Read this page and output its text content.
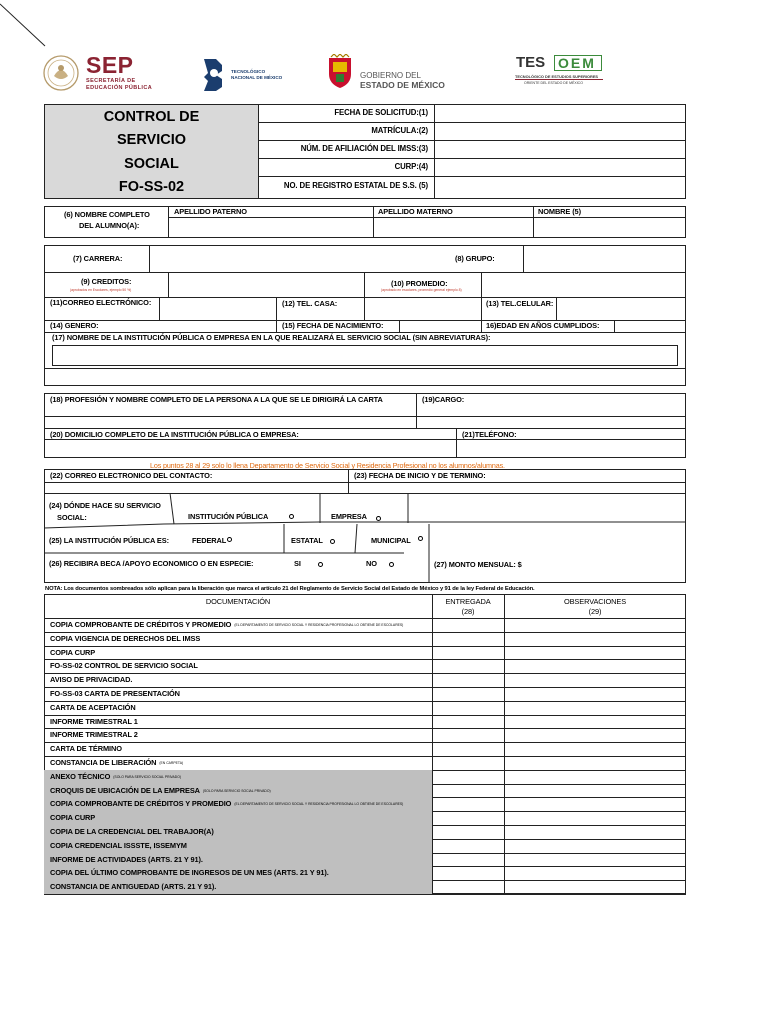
SEP
SECRETARÍA DE
EDUCACIÓN PÚBLICA
TECNOLÓGICO
NACIONAL DE MÉXICO	GOBIERNO DEL
ESTADO DE MÉXICO
TES OEM
TECNOLÓGICO DE ESTUDIOS SUPERIORES
ORIENTE DEL ESTADO DE MÉXICO
CONTROL DE
SERVICIO
SOCIAL
FO-SS-02
FECHA DE SOLICITUD:(1)
MATRÍCULA:(2)
NÚM. DE AFILIACIÓN DEL IMSS:(3)
CURP:(4)
NO. DE REGISTRO ESTATAL DE S.S. (5)
(6) NOMBRE COMPLETO
DEL ALUMNO(A):
APELLIDO PATERNO	APELLIDO MATERNO	NOMBRE (5)
(7) CARRERA:	(8) GRUPO:
(9) CREDITOS:
(aprobados en Escolares, ejemplo 50 %)
(10) PROMEDIO:
(aprobado en escolares, promedio general ejemplo 8)
(11)CORREO ELECTRÓNICO:	(12) TEL. CASA:	(13) TEL.CELULAR:
(14) GENERO:	(15) FECHA DE NACIMIENTO:	16)EDAD EN AÑOS CUMPLIDOS:
(17) NOMBRE DE LA INSTITUCIÓN PÚBLICA O EMPRESA EN LA QUE REALIZARÁ EL SERVICIO SOCIAL (SIN ABREVIATURAS):
(18) PROFESIÓN Y NOMBRE COMPLETO DE LA PERSONA A LA QUE SE LE DIRIGIRÁ LA CARTA	(19)CARGO:
(20) DOMICILIO COMPLETO DE LA INSTITUCIÓN PÚBLICA O EMPRESA:	(21)TELÉFONO:
Los puntos 28 al 29 solo lo llena Departamento de Servicio Social y Residencia Profesional no los alumnos/alumnas.
(22) CORREO ELECTRONICO DEL CONTACTO:	(23) FECHA DE INICIO Y DE TERMINO:
(24) DÓNDE HACE SU SERVICIO
SOCIAL:	INSTITUCIÓN PÚBLICA	EMPRESA
(25) LA INSTITUCIÓN PÚBLICA ES:	FEDERAL	ESTATAL	MUNICIPAL
(26) RECIBIRA BECA /APOYO ECONOMICO O EN ESPECIE:	SI	NO	(27) MONTO MENSUAL: $
NOTA: Los documentos sombreados sólo aplican para la liberación que marca el artículo 21 del Reglamento de Servicio Social del Estado de México y 91 de la ley Federal de Educación.
DOCUMENTACIÓN	ENTREGADA
(28)
OBSERVACIONES
(29)
COPIA COMPROBANTE DE CRÉDITOS Y PROMEDIO (EL DEPARTAMENTO DE SERVICIO SOCIAL Y RESIDENCIA PROFESIONAL LO OBTIENE DE ESCOLARES)
COPIA VIGENCIA DE DERECHOS DEL IMSS
COPIA CURP
FO-SS-02 CONTROL DE SERVICIO SOCIAL
AVISO DE PRIVACIDAD.
FO-SS-03 CARTA DE PRESENTACIÓN
CARTA DE ACEPTACIÓN
INFORME TRIMESTRAL 1
INFORME TRIMESTRAL 2
CARTA DE TÉRMINO
CONSTANCIA DE LIBERACIÓN (EN CARPETA)
ANEXO TÉCNICO (SOLO PARA SERVICIO SOCIAL PRIVADO)
CROQUIS DE UBICACIÓN DE LA EMPRESA (SOLO PARA SERVICIO SOCIAL PRIVADO)
COPIA COMPROBANTE DE CRÉDITOS Y PROMEDIO (EL DEPARTAMENTO DE SERVICIO SOCIAL Y RESIDENCIA PROFESIONAL LO OBTIENE DE ESCOLARES)
COPIA CURP
COPIA DE LA CREDENCIAL DEL TRABAJOR(A)
COPIA CREDENCIAL ISSSTE, ISSEMYM
INFORME DE ACTIVIDADES (ARTS. 21 Y 91).
COPIA DEL ÚLTIMO COMPROBANTE DE INGRESOS DE UN MES (ARTS. 21 Y 91).
CONSTANCIA DE ANTIGUEDAD (ARTS. 21 Y 91).
